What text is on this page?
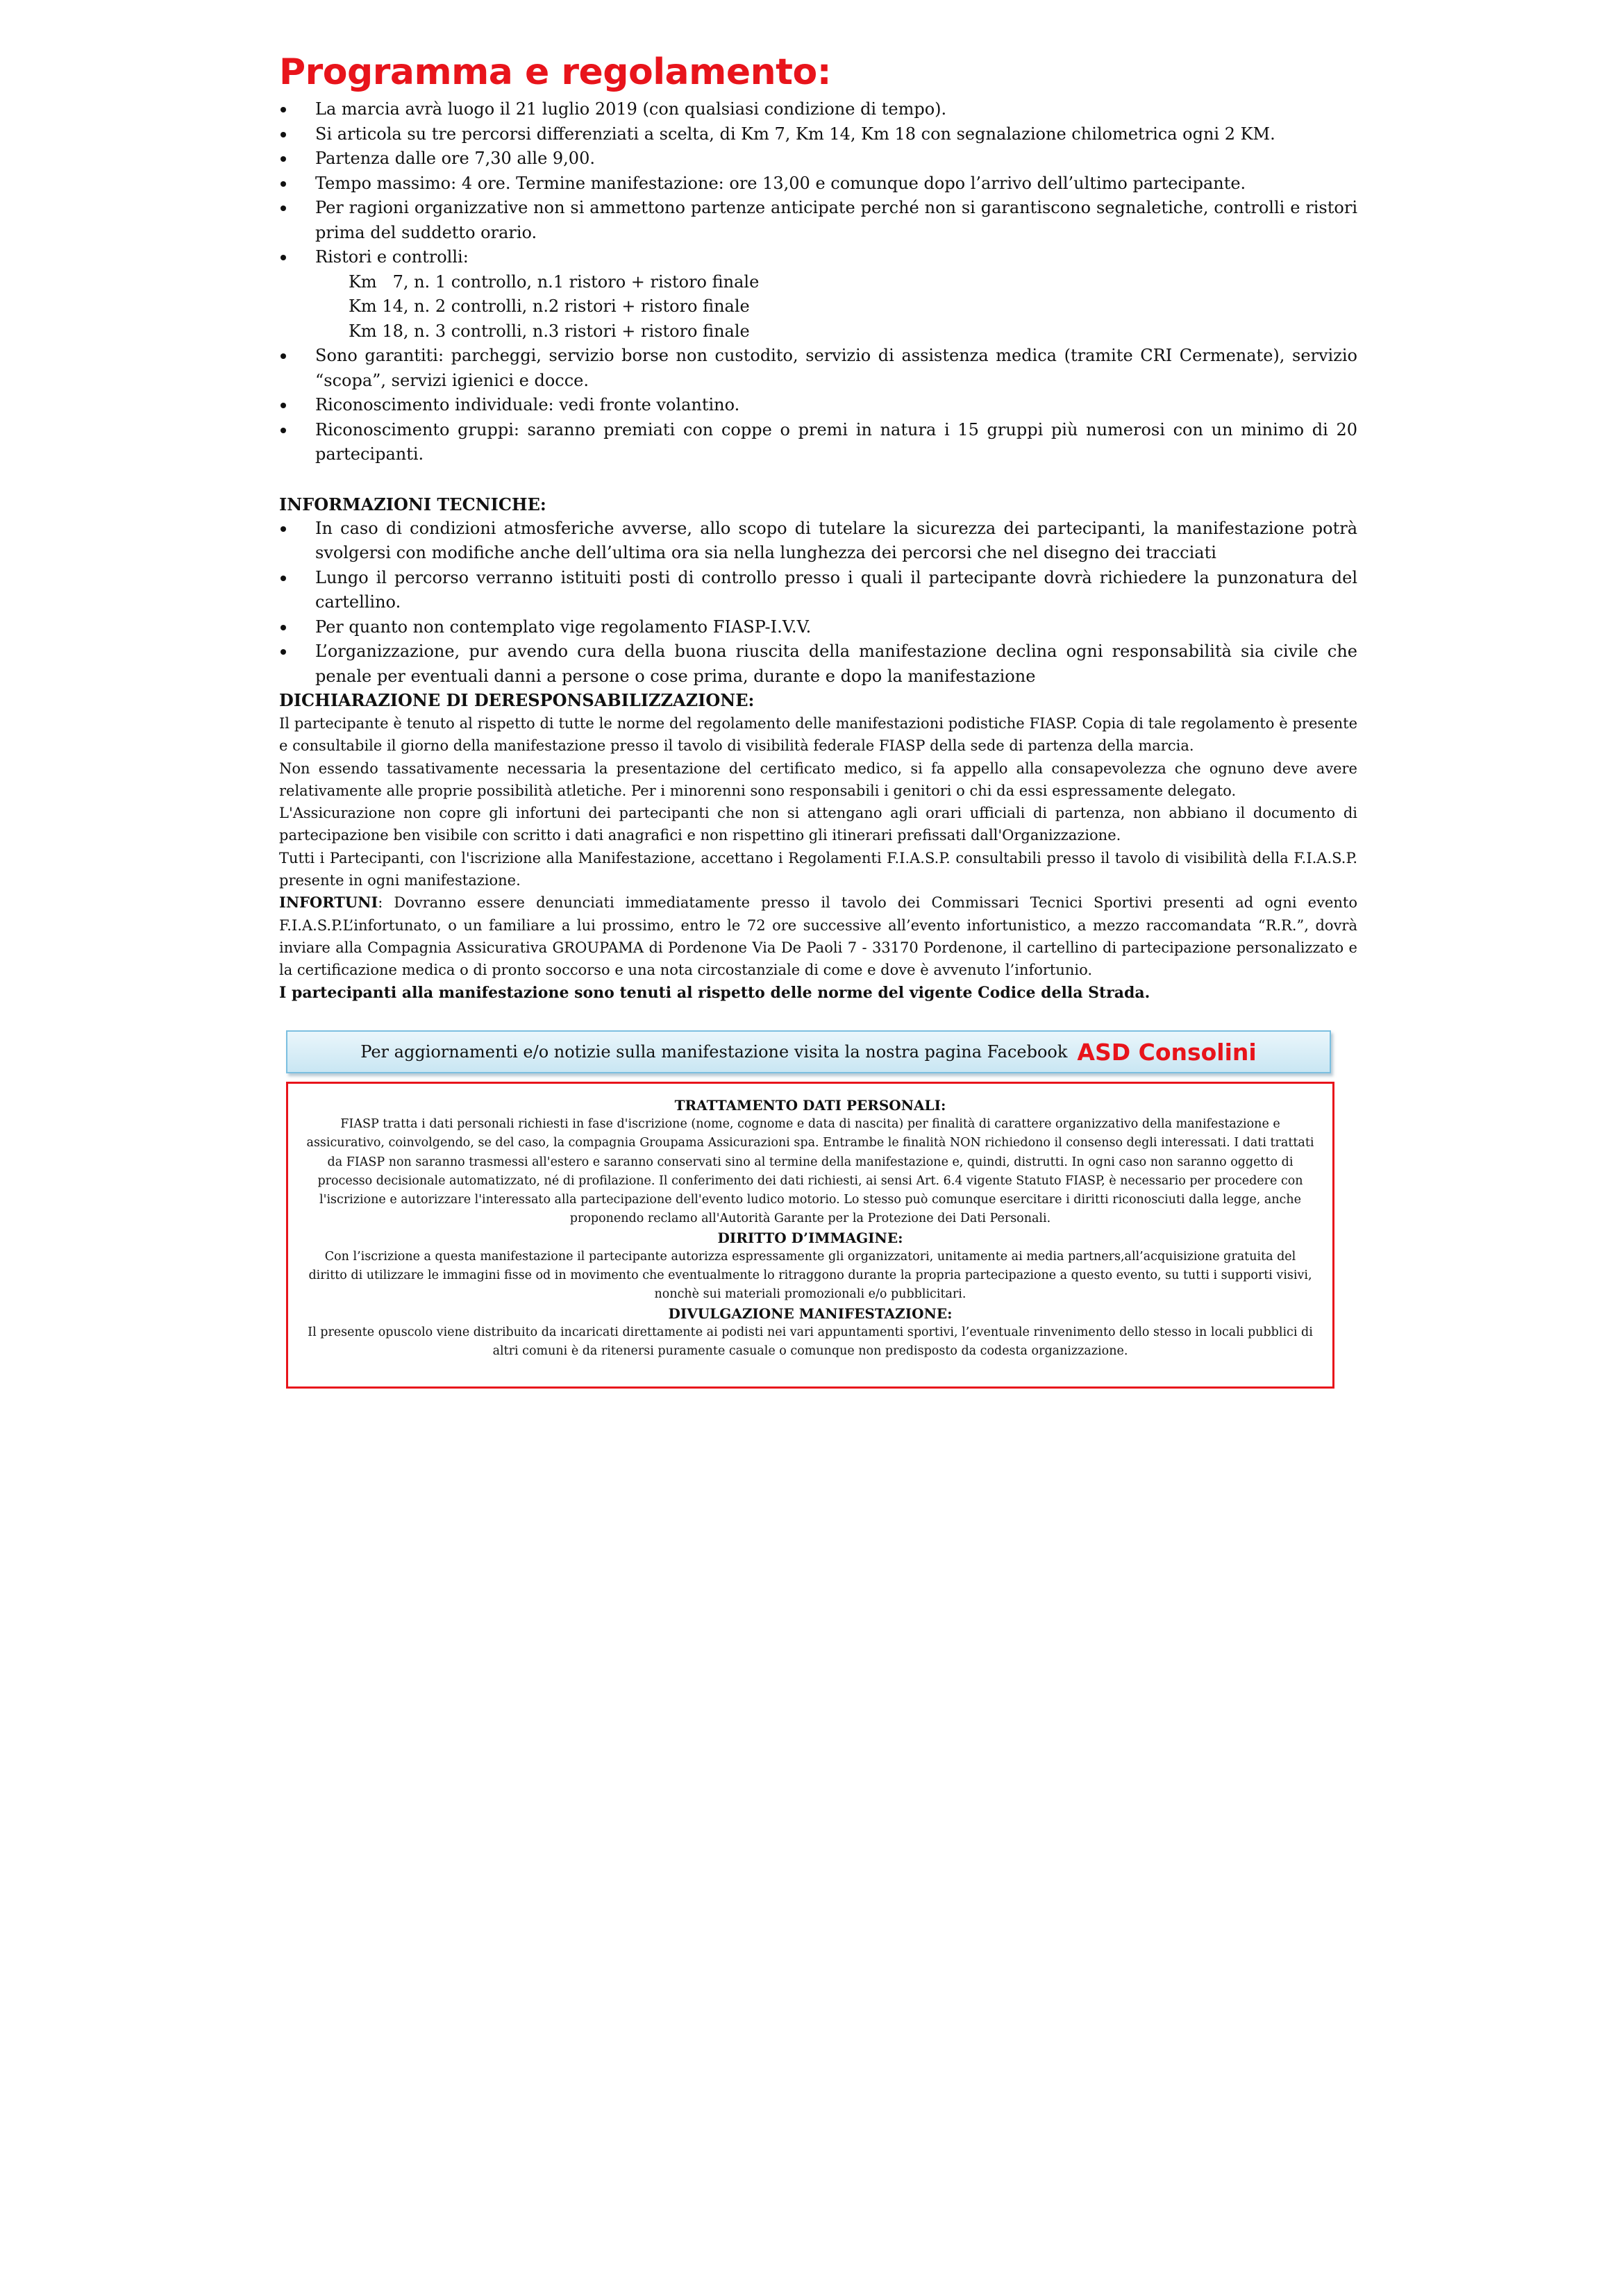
Programma e regolamento:
La marcia avrà luogo il 21 luglio 2019 (con qualsiasi condizione di tempo).
Si articola su tre percorsi differenziati a scelta, di Km 7, Km 14, Km 18 con segnalazione chilometrica ogni 2 KM.
Partenza dalle ore 7,30 alle 9,00.
Tempo massimo: 4 ore. Termine manifestazione: ore 13,00 e comunque dopo l’arrivo dell’ultimo partecipante.
Per ragioni organizzative non si ammettono partenze anticipate perché non si garantiscono segnaletiche, controlli e ristori prima del suddetto orario.
Ristori e controlli:
Km   7, n. 1 controllo, n.1 ristoro + ristoro finale
Km 14, n. 2 controlli, n.2 ristori + ristoro finale
Km 18, n. 3 controlli, n.3 ristori + ristoro finale
Sono garantiti: parcheggi, servizio borse non custodito, servizio di assistenza medica (tramite CRI Cermenate), servizio “scopa”, servizi igienici e docce.
Riconoscimento individuale: vedi fronte volantino.
Riconoscimento gruppi: saranno premiati con coppe o premi in natura i 15 gruppi più numerosi con un minimo di 20 partecipanti.
INFORMAZIONI TECNICHE:
In caso di condizioni atmosferiche avverse, allo scopo di tutelare la sicurezza dei partecipanti, la manifestazione potrà svolgersi con modifiche anche dell’ultima ora sia nella lunghezza dei percorsi che nel disegno dei tracciati
Lungo il percorso verranno istituiti posti di controllo presso i quali il partecipante dovrà richiedere la punzonatura del cartellino.
Per quanto non contemplato vige regolamento FIASP-I.V.V.
L’organizzazione, pur avendo cura della buona riuscita della manifestazione declina ogni responsabilità sia civile che penale per eventuali danni a persone o cose prima, durante e dopo la manifestazione
DICHIARAZIONE DI DERESPONSABILIZZAZIONE:

Il partecipante è tenuto al rispetto di tutte le norme del regolamento delle manifestazioni podistiche FIASP. Copia di tale regolamento è presente e consultabile il giorno della manifestazione presso il tavolo di visibilità federale FIASP della sede di partenza della marcia.

Non essendo tassativamente necessaria la presentazione del certificato medico, si fa appello alla consapevolezza che ognuno deve avere relativamente alle proprie possibilità atletiche. Per i minorenni sono responsabili i genitori o chi da essi espressamente delegato.

L'Assicurazione non copre gli infortuni dei partecipanti che non si attengano agli orari ufficiali di partenza, non abbiano il documento di partecipazione ben visibile con scritto i dati anagrafici e non rispettino gli itinerari prefissati dall'Organizzazione.

Tutti i Partecipanti, con l'iscrizione alla Manifestazione, accettano i Regolamenti F.I.A.S.P. consultabili presso il tavolo di visibilità della F.I.A.S.P. presente in ogni manifestazione.

INFORTUNI: Dovranno essere denunciati immediatamente presso il tavolo dei Commissari Tecnici Sportivi presenti ad ogni evento F.I.A.S.P.L’infortunato, o un familiare a lui prossimo, entro le 72 ore successive all’evento infortunistico, a mezzo raccomandata “R.R.”, dovrà inviare alla Compagnia Assicurativa GROUPAMA di Pordenone Via De Paoli 7 - 33170 Pordenone, il cartellino di partecipazione personalizzato e la certificazione medica o di pronto soccorso e una nota circostanziale di come e dove è avvenuto l’infortunio.

I partecipanti alla manifestazione sono tenuti al rispetto delle norme del vigente Codice della Strada.

Per aggiornamenti e/o notizie sulla manifestazione visita la nostra pagina Facebook ASD Consolini

TRATTAMENTO DATI PERSONALI:

FIASP tratta i dati personali richiesti in fase d'iscrizione (nome, cognome e data di nascita) per finalità di carattere organizzativo della manifestazione e assicurativo, coinvolgendo, se del caso, la compagnia Groupama Assicurazioni spa. Entrambe le finalità NON richiedono il consenso degli interessati. I dati trattati da FIASP non saranno trasmessi all'estero e saranno conservati sino al termine della manifestazione e, quindi, distrutti. In ogni caso non saranno oggetto di processo decisionale automatizzato, né di profilazione. Il conferimento dei dati richiesti, ai sensi Art. 6.4 vigente Statuto FIASP, è necessario per procedere con l'iscrizione e autorizzare l'interessato alla partecipazione dell'evento ludico motorio. Lo stesso può comunque esercitare i diritti riconosciuti dalla legge, anche proponendo reclamo all'Autorità Garante per la Protezione dei Dati Personali.

DIRITTO D’IMMAGINE:

Con l’iscrizione a questa manifestazione il partecipante autorizza espressamente gli organizzatori, unitamente ai media partners,all’acquisizione gratuita del diritto di utilizzare le immagini fisse od in movimento che eventualmente lo ritraggono durante la propria partecipazione a questo evento, su tutti i supporti visivi, nonchè sui materiali promozionali e/o pubblicitari.

DIVULGAZIONE MANIFESTAZIONE:

Il presente opuscolo viene distribuito da incaricati direttamente ai podisti nei vari appuntamenti sportivi, l’eventuale rinvenimento dello stesso in locali pubblici di altri comuni è da ritenersi puramente casuale o comunque non predisposto da codesta organizzazione.
